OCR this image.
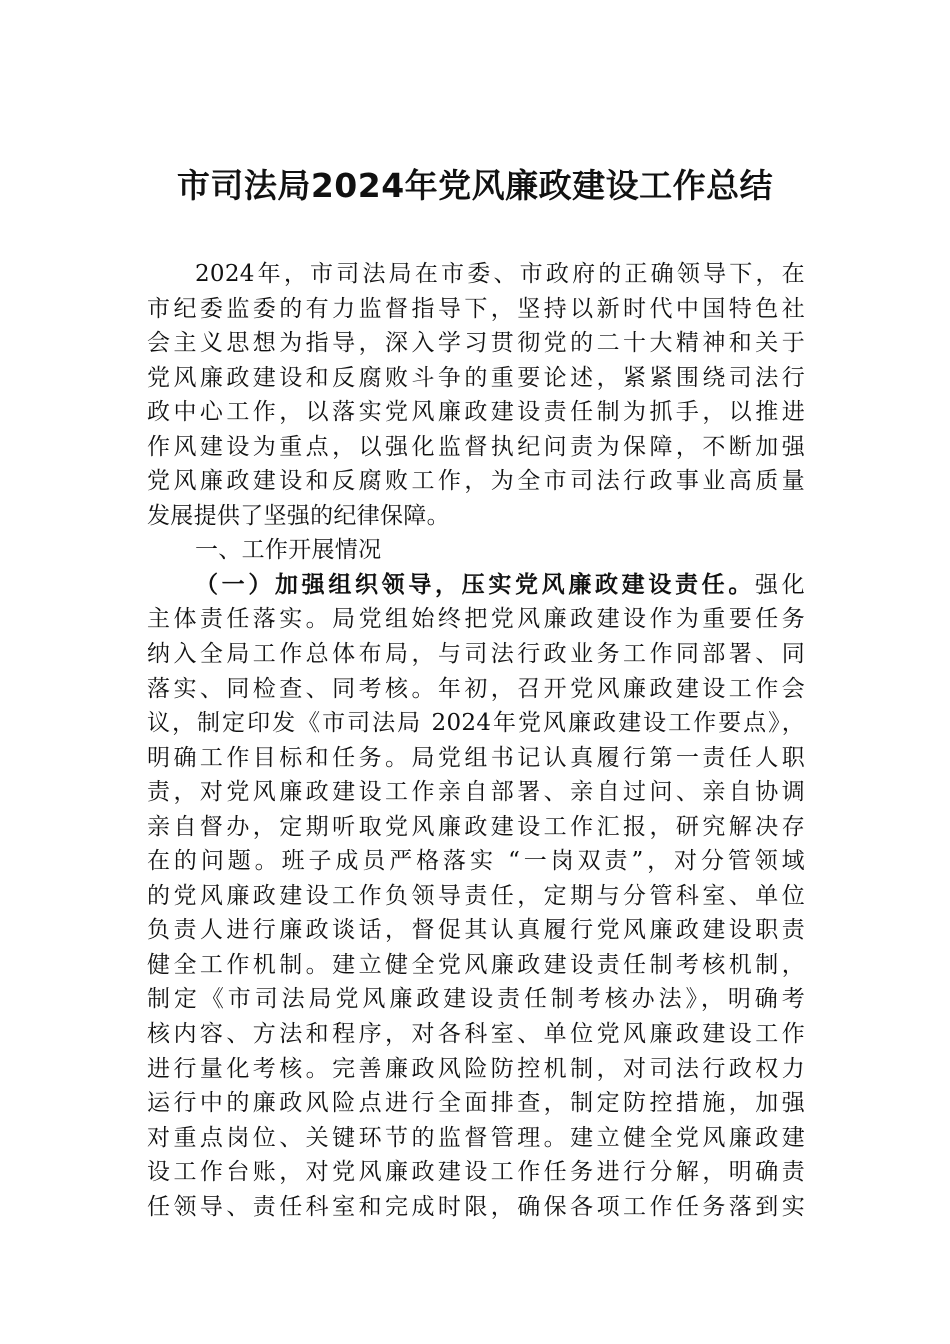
市司法局2024年党风廉政建设工作总结
2024年，市司法局在市委、市政府的正确领导下，在
市纪委监委的有力监督指导下，坚持以新时代中国特色社
会主义思想为指导，深入学习贯彻党的二十大精神和关于
党风廉政建设和反腐败斗争的重要论述，紧紧围绕司法行
政中心工作，以落实党风廉政建设责任制为抓手，以推进
作风建设为重点，以强化监督执纪问责为保障，不断加强
党风廉政建设和反腐败工作，为全市司法行政事业高质量
发展提供了坚强的纪律保障。
一、工作开展情况
（一）加强组织领导，压实党风廉政建设责任。强化
主体责任落实。局党组始终把党风廉政建设作为重要任务
纳入全局工作总体布局，与司法行政业务工作同部署、同
落实、同检查、同考核。年初，召开党风廉政建设工作会
议，制定印发《市司法局 2024年党风廉政建设工作要点》，
明确工作目标和任务。局党组书记认真履行第一责任人职
责，对党风廉政建设工作亲自部署、亲自过问、亲自协调
亲自督办，定期听取党风廉政建设工作汇报，研究解决存
在的问题。班子成员严格落实 “一岗双责”，对分管领域
的党风廉政建设工作负领导责任，定期与分管科室、单位
负责人进行廉政谈话，督促其认真履行党风廉政建设职责
健全工作机制。建立健全党风廉政建设责任制考核机制，
制定《市司法局党风廉政建设责任制考核办法》，明确考
核内容、方法和程序，对各科室、单位党风廉政建设工作
进行量化考核。完善廉政风险防控机制，对司法行政权力
运行中的廉政风险点进行全面排查，制定防控措施，加强
对重点岗位、关键环节的监督管理。建立健全党风廉政建
设工作台账，对党风廉政建设工作任务进行分解，明确责
任领导、责任科室和完成时限，确保各项工作任务落到实
